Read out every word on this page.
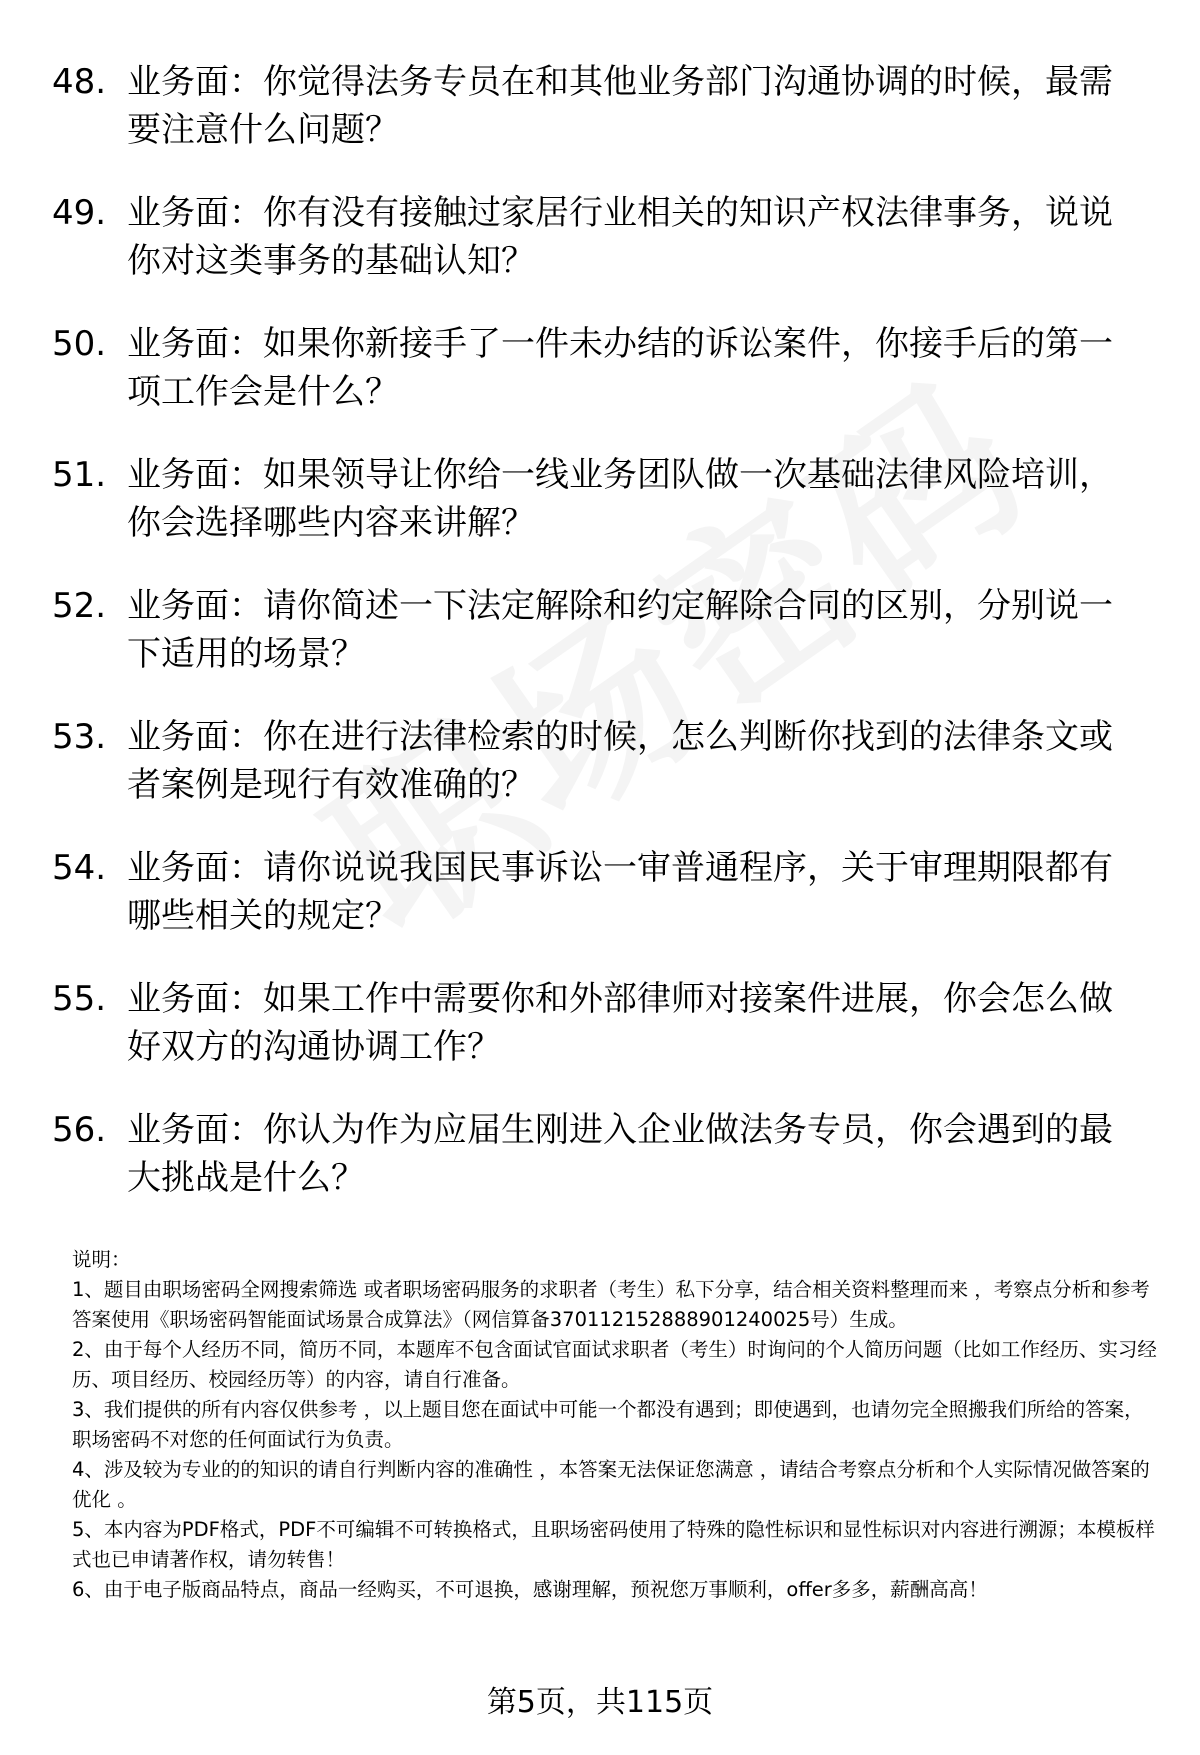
48. 业务面：你觉得法务专员在和其他业务部门沟通协调的时候，最需要注意什么问题？
49. 业务面：你有没有接触过家居行业相关的知识产权法律事务，说说你对这类事务的基础认知？
50. 业务面：如果你新接手了一件未办结的诉讼案件，你接手后的第一项工作会是什么？
51. 业务面：如果领导让你给一线业务团队做一次基础法律风险培训，你会选择哪些内容来讲解？
52. 业务面：请你简述一下法定解除和约定解除合同的区别，分别说一下适用的场景？
53. 业务面：你在进行法律检索的时候，怎么判断你找到的法律条文或者案例是现行有效准确的？
54. 业务面：请你说说我国民事诉讼一审普通程序，关于审理期限都有哪些相关的规定？
55. 业务面：如果工作中需要你和外部律师对接案件进展，你会怎么做好双方的沟通协调工作？
56. 业务面：你认为作为应届生刚进入企业做法务专员，你会遇到的最大挑战是什么？

说明：

1、题目由职场密码全网搜索筛选 或者职场密码服务的求职者（考生）私下分享，结合相关资料整理而来 ，考察点分析和参考答案使用《职场密码智能面试场景合成算法》（网信算备370112152888901240025号）生成。

2、由于每个人经历不同，简历不同，本题库不包含面试官面试求职者（考生）时询问的个人简历问题（比如工作经历、实习经历、项目经历、校园经历等）的内容，请自行准备。

3、我们提供的所有内容仅供参考 ，以上题目您在面试中可能一个都没有遇到；即使遇到，也请勿完全照搬我们所给的答案，职场密码不对您的任何面试行为负责。

4、涉及较为专业的的知识的请自行判断内容的准确性 ，本答案无法保证您满意 ，请结合考察点分析和个人实际情况做答案的优化 。

5、本内容为PDF格式，PDF不可编辑不可转换格式，且职场密码使用了特殊的隐性标识和显性标识对内容进行溯源；本模板样式也已申请著作权，请勿转售！

6、由于电子版商品特点，商品一经购买，不可退换，感谢理解，预祝您万事顺利，offer多多，薪酬高高！

第5页，共115页
